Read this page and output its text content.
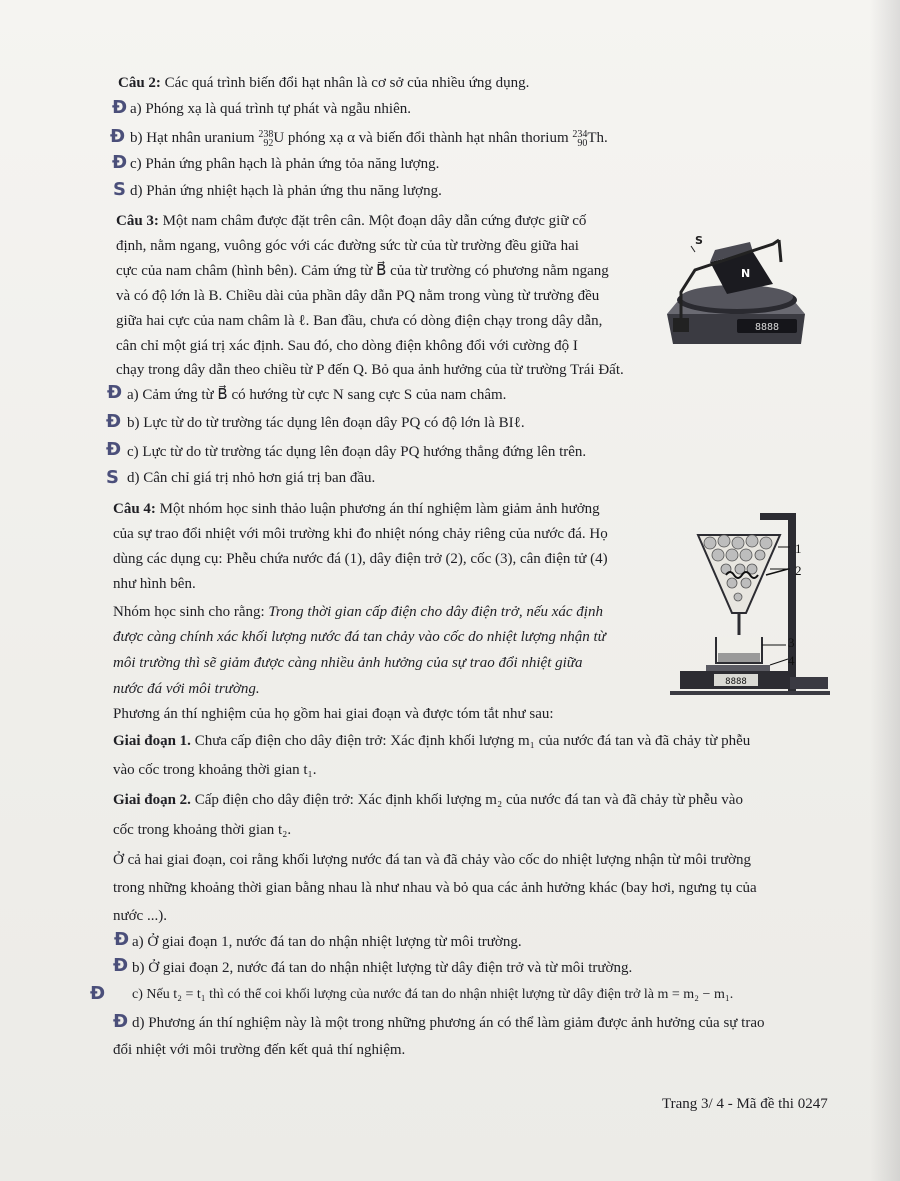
Câu 2: Các quá trình biến đổi hạt nhân là cơ sở của nhiều ứng dụng.
Đ a) Phóng xạ là quá trình tự phát và ngẫu nhiên.
Đ b) Hạt nhân uranium 238
92 U phóng xạ α và biến đổi thành hạt nhân thorium 234
90 Th.
Đ c) Phản ứng phân hạch là phản ứng tỏa năng lượng.
S d) Phản ứng nhiệt hạch là phản ứng thu năng lượng.
Câu 3: Một nam châm được đặt trên cân. Một đoạn dây dẫn cứng được giữ cố
định, nằm ngang, vuông góc với các đường sức từ của từ trường đều giữa hai
cực của nam châm (hình bên). Cảm ứng từ B⃗ của từ trường có phương nằm ngang
và có độ lớn là B. Chiều dài của phần dây dẫn PQ nằm trong vùng từ trường đều
giữa hai cực của nam châm là ℓ. Ban đầu, chưa có dòng điện chạy trong dây dẫn,
cân chỉ một giá trị xác định. Sau đó, cho dòng điện không đổi với cường độ I
chạy trong dây dẫn theo chiều từ P đến Q. Bỏ qua ảnh hưởng của từ trường Trái Đất.
Đ a) Cảm ứng từ B⃗ có hướng từ cực N sang cực S của nam châm.
Đ b) Lực từ do từ trường tác dụng lên đoạn dây PQ có độ lớn là BIℓ.
Đ c) Lực từ do từ trường tác dụng lên đoạn dây PQ hướng thẳng đứng lên trên.
S d) Cân chỉ giá trị nhỏ hơn giá trị ban đầu.
8888
N
S
Câu 4: Một nhóm học sinh thảo luận phương án thí nghiệm làm giảm ảnh hưởng
của sự trao đổi nhiệt với môi trường khi đo nhiệt nóng chảy riêng của nước đá. Họ
dùng các dụng cụ: Phễu chứa nước đá (1), dây điện trở (2), cốc (3), cân điện tử (4)
như hình bên.
Nhóm học sinh cho rằng: Trong thời gian cấp điện cho dây điện trở, nếu xác định
được càng chính xác khối lượng nước đá tan chảy vào cốc do nhiệt lượng nhận từ
môi trường thì sẽ giảm được càng nhiều ảnh hưởng của sự trao đổi nhiệt giữa
nước đá với môi trường.
Phương án thí nghiệm của họ gồm hai giai đoạn và được tóm tắt như sau:
Giai đoạn 1. Chưa cấp điện cho dây điện trở: Xác định khối lượng m₁ của nước đá tan và đã chảy từ phễu
vào cốc trong khoảng thời gian t₁.
Giai đoạn 2. Cấp điện cho dây điện trở: Xác định khối lượng m₂ của nước đá tan và đã chảy từ phễu vào
cốc trong khoảng thời gian t₂.
Ở cả hai giai đoạn, coi rằng khối lượng nước đá tan và đã chảy vào cốc do nhiệt lượng nhận từ môi trường
trong những khoảng thời gian bằng nhau là như nhau và bỏ qua các ảnh hưởng khác (bay hơi, ngưng tụ của
nước ...).
Đ a) Ở giai đoạn 1, nước đá tan do nhận nhiệt lượng từ môi trường.
Đ b) Ở giai đoạn 2, nước đá tan do nhận nhiệt lượng từ dây điện trở và từ môi trường.
Đ c) Nếu t₂ = t₁ thì có thể coi khối lượng của nước đá tan do nhận nhiệt lượng từ dây điện trở là m = m₂ − m₁.
Đ d) Phương án thí nghiệm này là một trong những phương án có thể làm giảm được ảnh hưởng của sự trao
đổi nhiệt với môi trường đến kết quả thí nghiệm.
1
2
3
8888
4
Trang 3/ 4 - Mã đề thi 0247
